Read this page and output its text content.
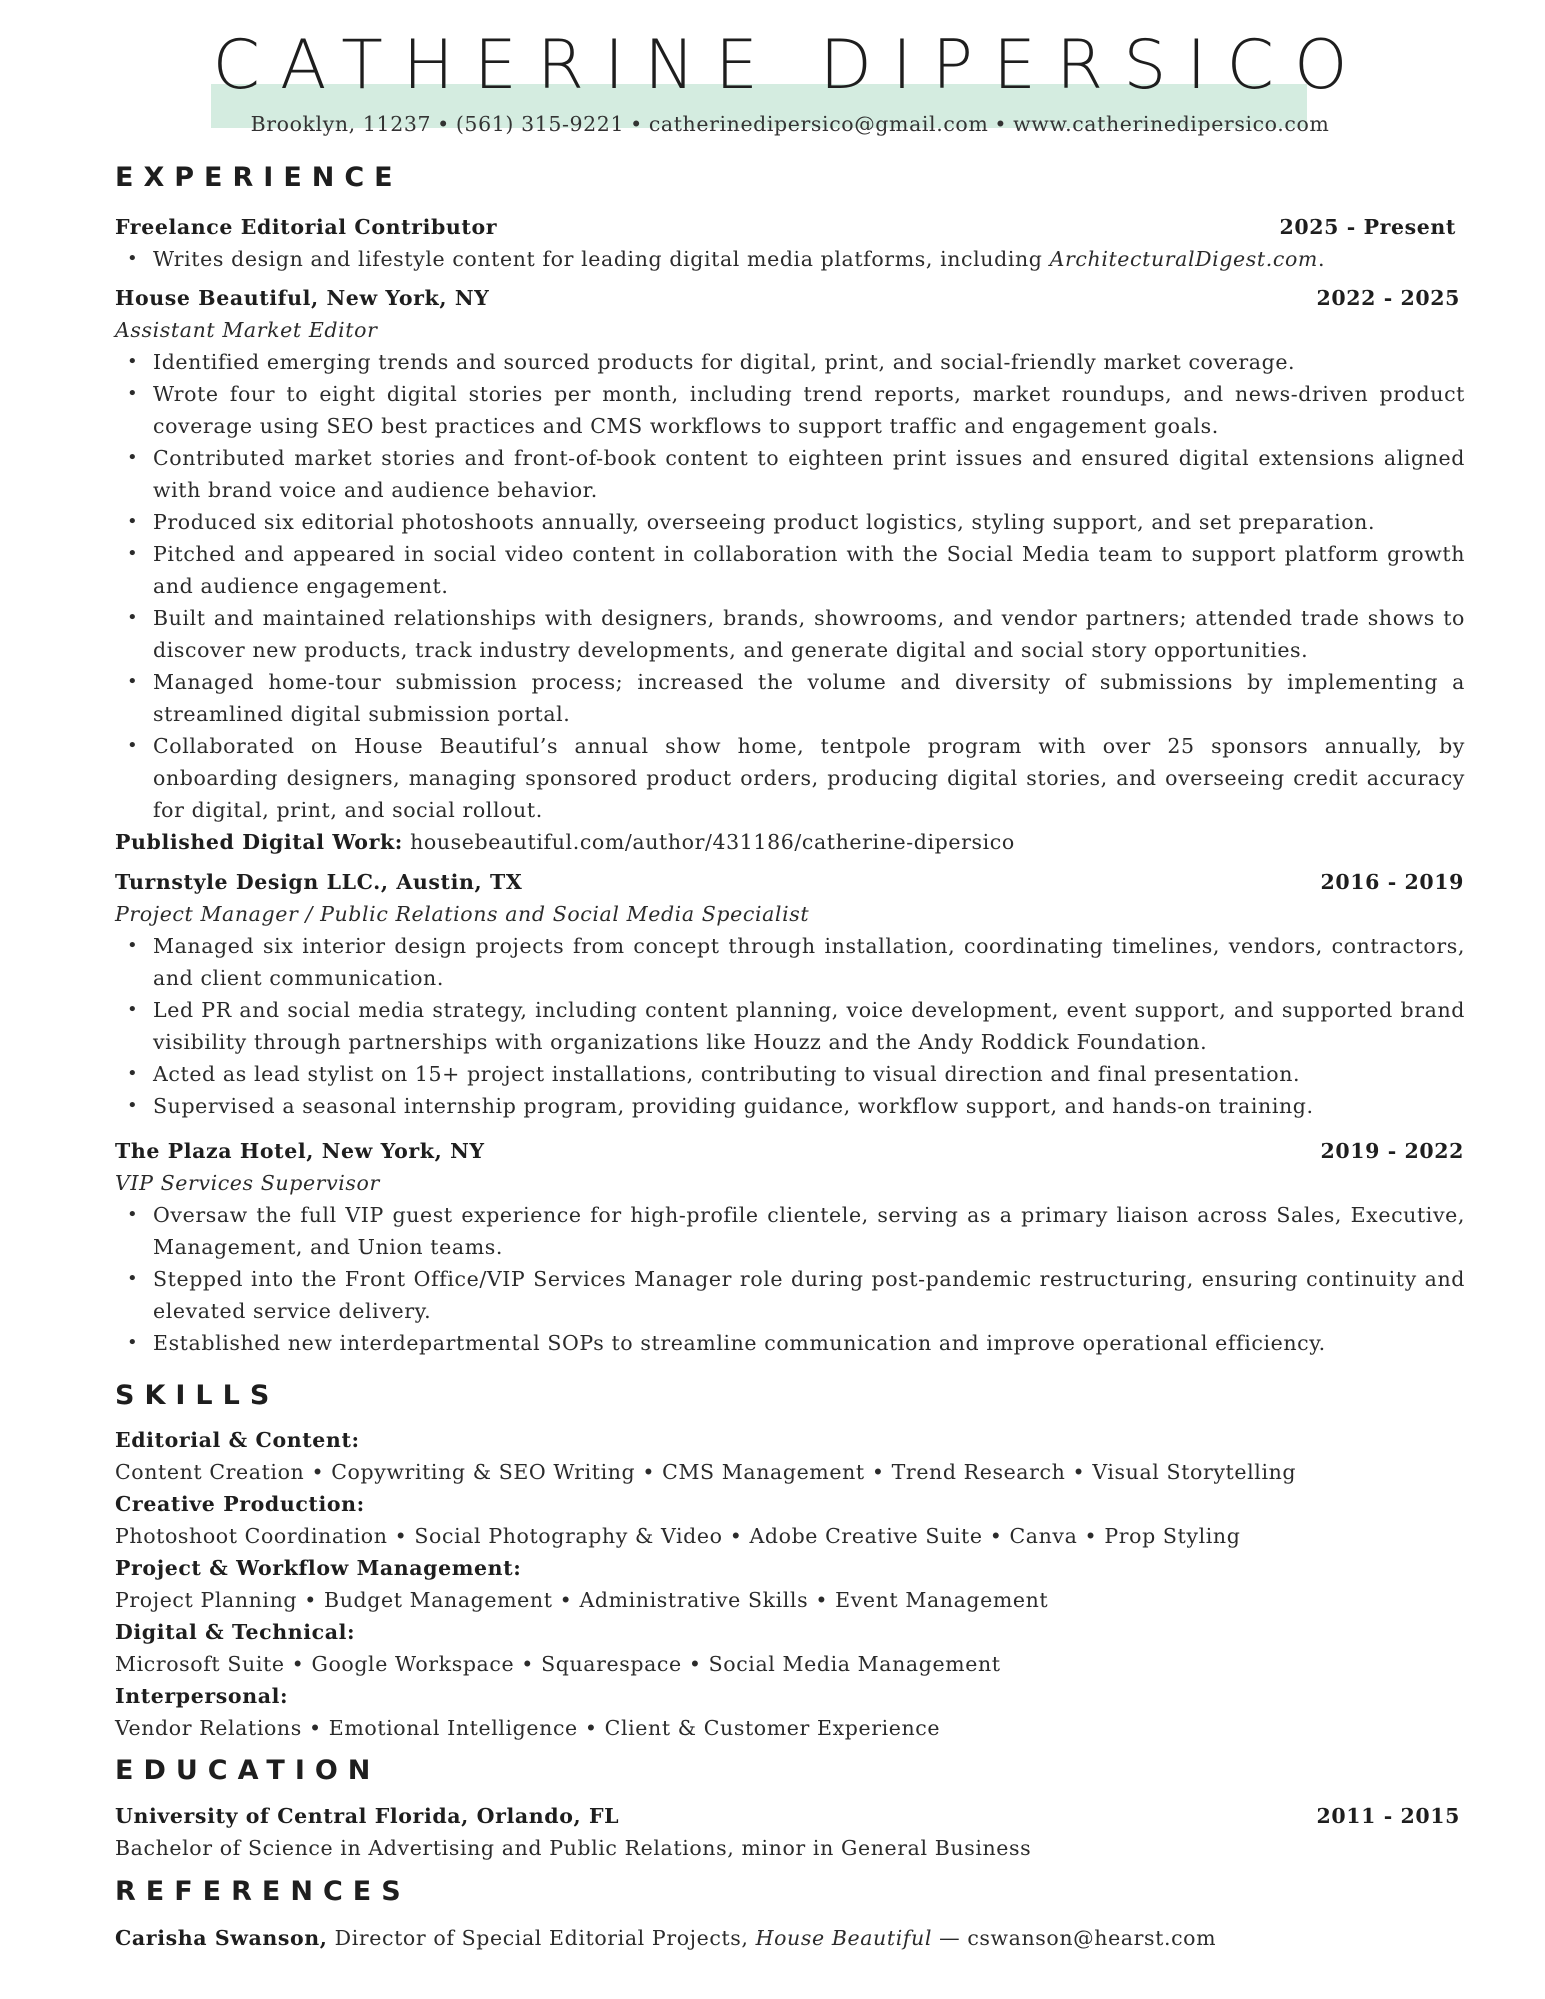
CATHERINE DIPERSICO
Brooklyn, 11237 • (561) 315-9221 • catherinedipersico@gmail.com • www.catherinedipersico.com
EXPERIENCE
Freelance Editorial Contributor	2025 - Present
• Writes design and lifestyle content for leading digital media platforms, including ArchitecturalDigest.com.
House Beautiful, New York, NY	2022 - 2025
Assistant Market Editor
• Identified emerging trends and sourced products for digital, print, and social-friendly market coverage.
• Wrote four to eight digital stories per month, including trend reports, market roundups, and news-driven product coverage using SEO best practices and CMS workflows to support traffic and engagement goals.
• Contributed market stories and front-of-book content to eighteen print issues and ensured digital extensions aligned with brand voice and audience behavior.
• Produced six editorial photoshoots annually, overseeing product logistics, styling support, and set preparation.
• Pitched and appeared in social video content in collaboration with the Social Media team to support platform growth and audience engagement.
• Built and maintained relationships with designers, brands, showrooms, and vendor partners; attended trade shows to discover new products, track industry developments, and generate digital and social story opportunities.
• Managed home-tour submission process; increased the volume and diversity of submissions by implementing a streamlined digital submission portal.
• Collaborated on House Beautiful’s annual show home, tentpole program with over 25 sponsors annually, by onboarding designers, managing sponsored product orders, producing digital stories, and overseeing credit accuracy for digital, print, and social rollout.
Published Digital Work: housebeautiful.com/author/431186/catherine-dipersico
Turnstyle Design LLC., Austin, TX	2016 - 2019
Project Manager / Public Relations and Social Media Specialist
• Managed six interior design projects from concept through installation, coordinating timelines, vendors, contractors, and client communication.
• Led PR and social media strategy, including content planning, voice development, event support, and supported brand visibility through partnerships with organizations like Houzz and the Andy Roddick Foundation.
• Acted as lead stylist on 15+ project installations, contributing to visual direction and final presentation.
• Supervised a seasonal internship program, providing guidance, workflow support, and hands-on training.
The Plaza Hotel, New York, NY	2019 - 2022
VIP Services Supervisor
• Oversaw the full VIP guest experience for high-profile clientele, serving as a primary liaison across Sales, Executive, Management, and Union teams.
• Stepped into the Front Office/VIP Services Manager role during post-pandemic restructuring, ensuring continuity and elevated service delivery.
• Established new interdepartmental SOPs to streamline communication and improve operational efficiency.
SKILLS
Editorial & Content:
Content Creation • Copywriting & SEO Writing • CMS Management • Trend Research • Visual Storytelling
Creative Production:
Photoshoot Coordination • Social Photography & Video • Adobe Creative Suite • Canva • Prop Styling
Project & Workflow Management:
Project Planning • Budget Management • Administrative Skills • Event Management
Digital & Technical:
Microsoft Suite • Google Workspace • Squarespace • Social Media Management
Interpersonal:
Vendor Relations • Emotional Intelligence • Client & Customer Experience
EDUCATION
University of Central Florida, Orlando, FL	2011 - 2015
Bachelor of Science in Advertising and Public Relations, minor in General Business
REFERENCES
Carisha Swanson, Director of Special Editorial Projects, House Beautiful — cswanson@hearst.com
